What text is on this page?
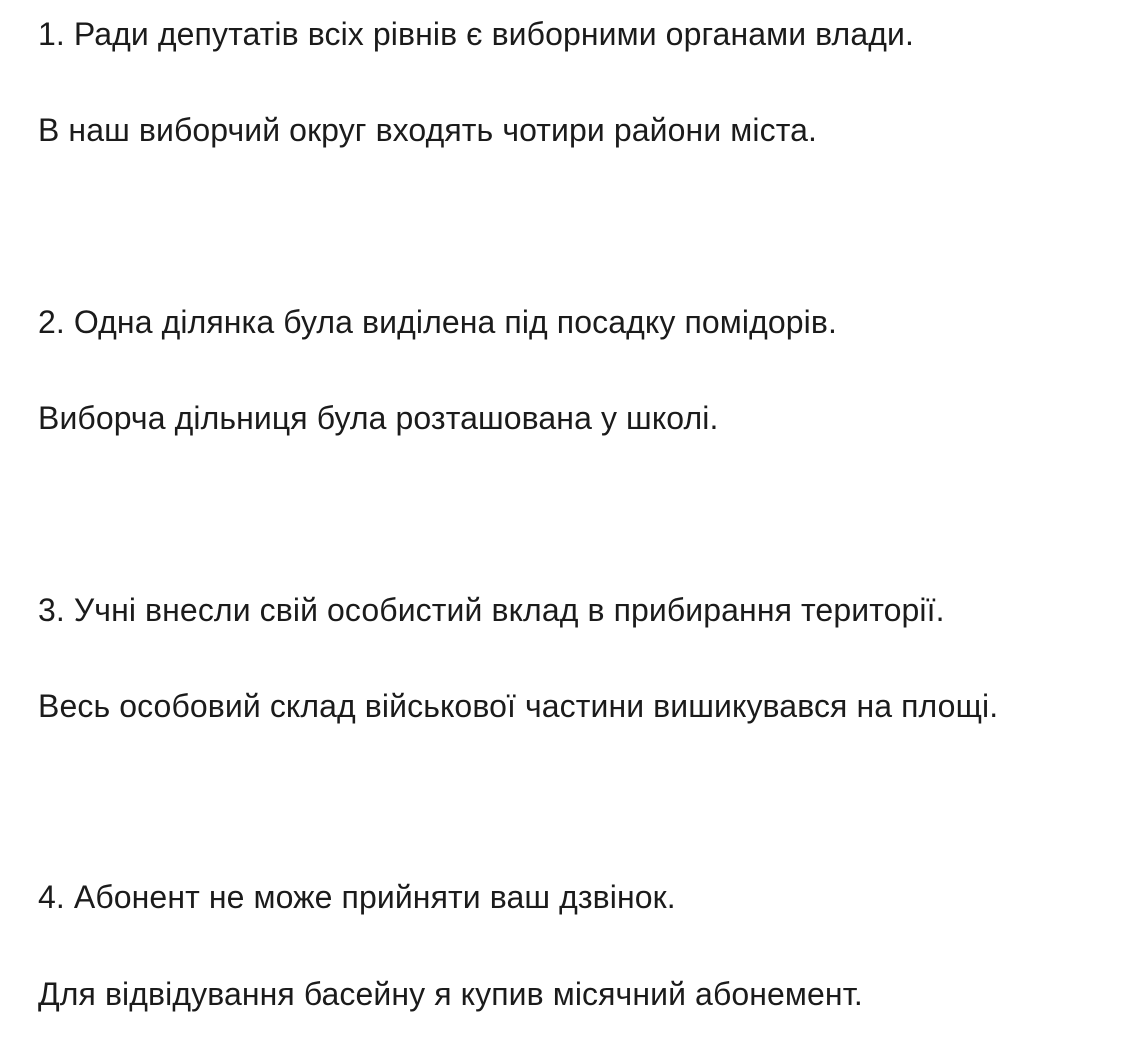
1. Ради депутатів всіх рівнів є виборними органами влади.
В наш виборчий округ входять чотири райони міста.
2. Одна ділянка була виділена під посадку помідорів.
Виборча дільниця була розташована у школі.
3. Учні внесли свій особистий вклад в прибирання території.
Весь особовий склад військової частини вишикувався на площі.
4. Абонент не може прийняти ваш дзвінок.
Для відвідування басейну я купив місячний абонемент.
